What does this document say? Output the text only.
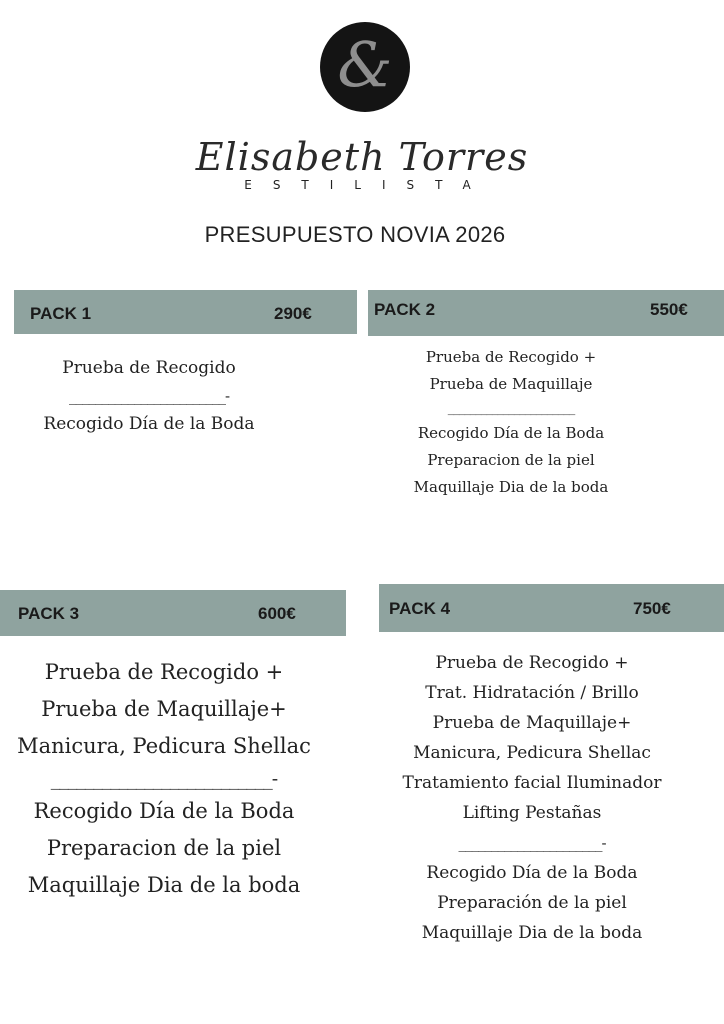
&
Elisabeth Torres
ESTILISTA
PRESUPUESTO NOVIA 2026
PACK 1	290€
Prueba de Recogido
________________________-
Recogido Día de la Boda
PACK 2	550€
Prueba de Recogido +
Prueba de Maquillaje
_______________________
Recogido Día de la Boda
Preparacion de la piel
Maquillaje Dia de la boda
PACK 3	600€
Prueba de Recogido +
Prueba de Maquillaje+
Manicura, Pedicura Shellac
__________________________-
Recogido Día de la Boda
Preparacion de la piel
Maquillaje Dia de la boda
PACK 4	750€
Prueba de Recogido +
Trat. Hidratación / Brillo
Prueba de Maquillaje+
Manicura, Pedicura Shellac
Tratamiento facial Iluminador
Lifting Pestañas
______________________-
Recogido Día de la Boda
Preparación de la piel
Maquillaje Dia de la boda
